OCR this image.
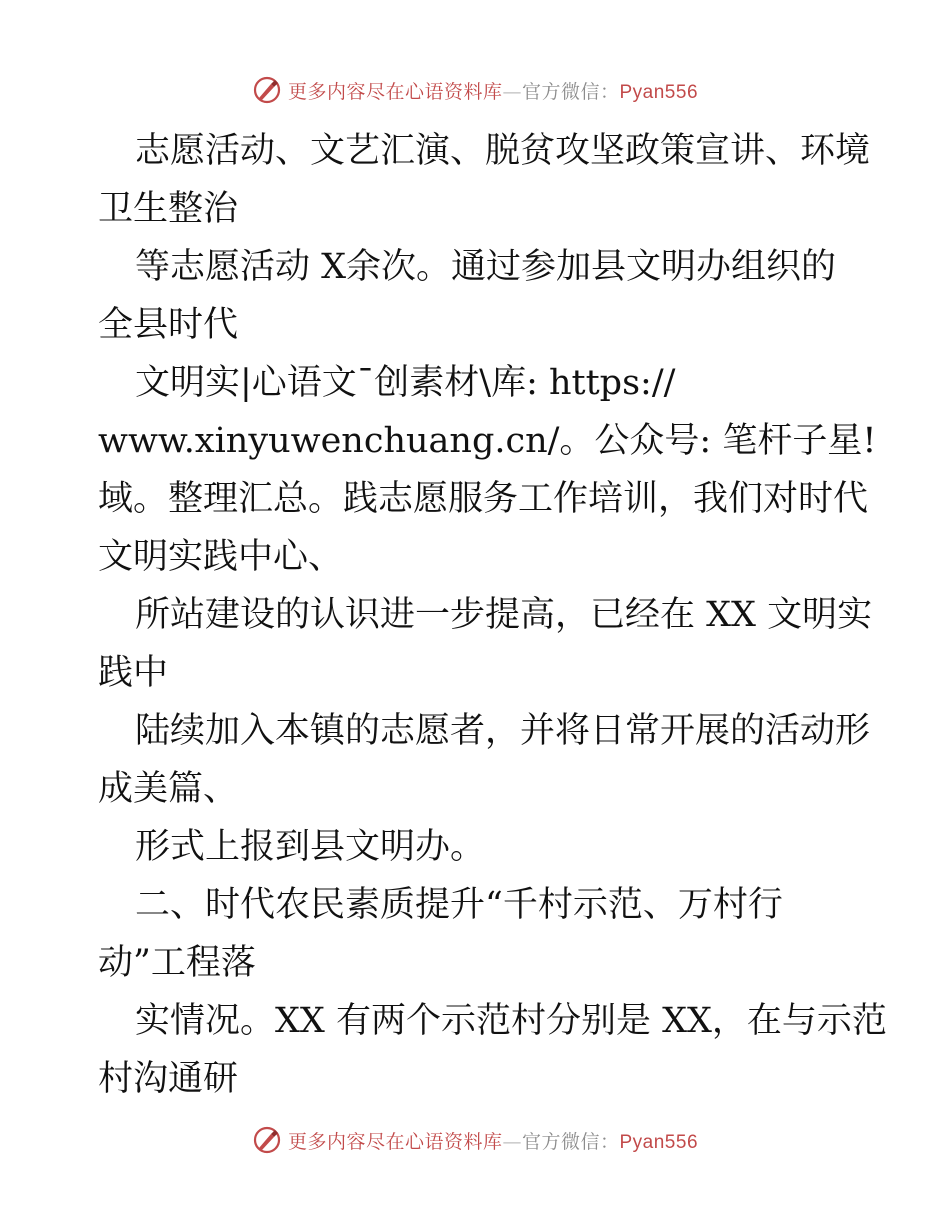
更多内容尽在心语资料库—官方微信：Pyan556
志愿活动、文艺汇演、脱贫攻坚政策宣讲、环境
卫生整治
等志愿活动 X余次。通过参加县文明办组织的
全县时代
文明实|心语文¯创素材\库: https://
www.xinyuwenchuang.cn/。公众号: 笔杆子星!
域。整理汇总。践志愿服务工作培训，我们对时代
文明实践中心、
所站建设的认识进一步提高，已经在 XX 文明实
践中
陆续加入本镇的志愿者，并将日常开展的活动形
成美篇、
形式上报到县文明办。
二、时代农民素质提升“千村示范、万村行
动”工程落
实情况。XX 有两个示范村分别是 XX，在与示范
村沟通研
更多内容尽在心语资料库—官方微信：Pyan556
